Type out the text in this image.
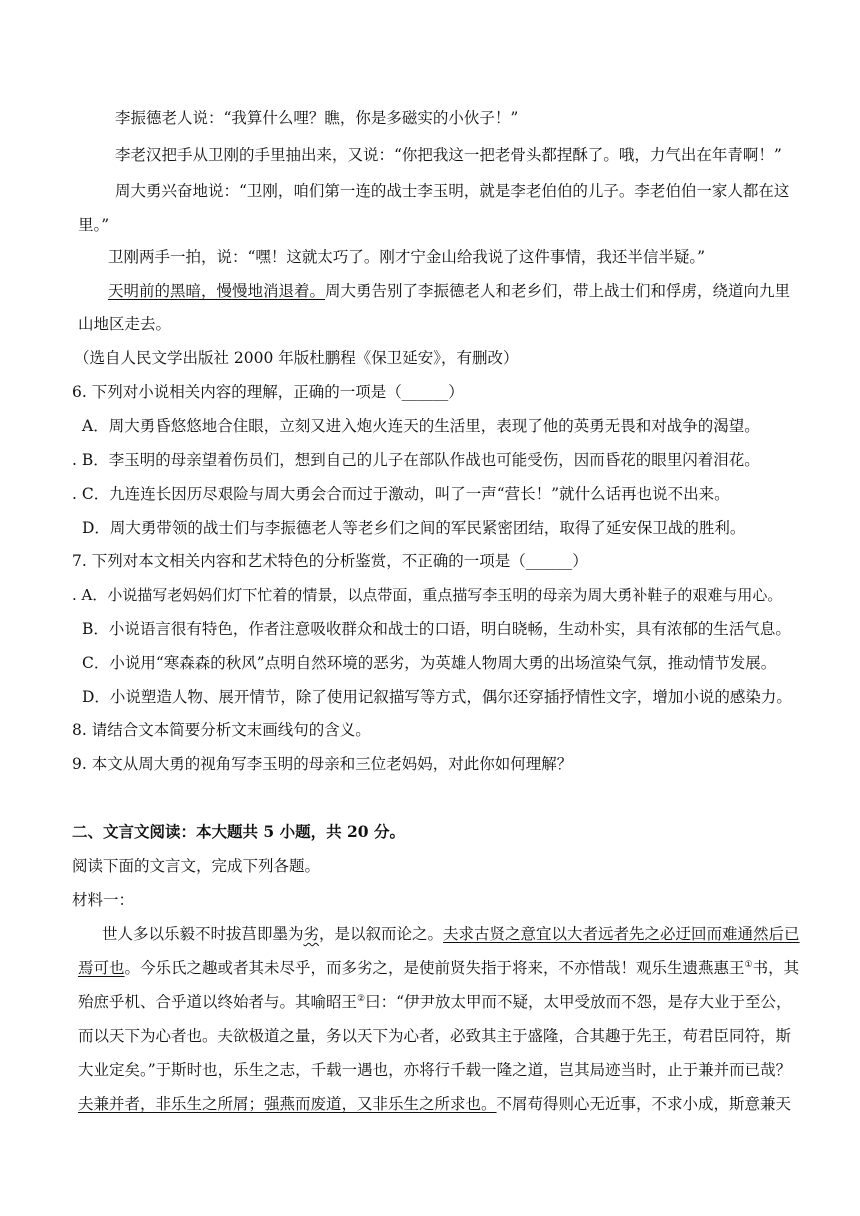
李振德老人说：“我算什么哩？瞧，你是多磁实的小伙子！”
李老汉把手从卫刚的手里抽出来，又说：“你把我这一把老骨头都捏酥了。哦，力气出在年青啊！”
周大勇兴奋地说：“卫刚，咱们第一连的战士李玉明，就是李老伯伯的儿子。李老伯伯一家人都在这
里。”
卫刚两手一拍，说：“嘿！这就太巧了。刚才宁金山给我说了这件事情，我还半信半疑。”
天明前的黑暗，慢慢地消退着。周大勇告别了李振德老人和老乡们，带上战士们和俘虏，绕道向九里
山地区走去。
（选自人民文学出版社 2000 年版杜鹏程《保卫延安》，有删改）
6. 下列对小说相关内容的理解，正确的一项是（______）
A．周大勇昏悠悠地合住眼，立刻又进入炮火连天的生活里，表现了他的英勇无畏和对战争的渴望。
. B．李玉明的母亲望着伤员们，想到自己的儿子在部队作战也可能受伤，因而昏花的眼里闪着泪花。
. C．九连连长因历尽艰险与周大勇会合而过于激动，叫了一声“营长！”就什么话再也说不出来。
D．周大勇带领的战士们与李振德老人等老乡们之间的军民紧密团结，取得了延安保卫战的胜利。
7. 下列对本文相关内容和艺术特色的分析鉴赏，不正确的一项是（______）
. A．小说描写老妈妈们灯下忙着的情景，以点带面，重点描写李玉明的母亲为周大勇补鞋子的艰难与用心。
B．小说语言很有特色，作者注意吸收群众和战士的口语，明白晓畅，生动朴实，具有浓郁的生活气息。
C．小说用“寒森森的秋风”点明自然环境的恶劣，为英雄人物周大勇的出场渲染气氛，推动情节发展。
D．小说塑造人物、展开情节，除了使用记叙描写等方式，偶尔还穿插抒情性文字，增加小说的感染力。
8. 请结合文本简要分析文末画线句的含义。
9. 本文从周大勇的视角写李玉明的母亲和三位老妈妈，对此你如何理解？
二、文言文阅读：本大题共 5 小题，共 20 分。
阅读下面的文言文，完成下列各题。
材料一：
世人多以乐毅不时拔莒即墨为劣，是以叙而论之。夫求古贤之意宜以大者远者先之必迂回而难通然后已
焉可也。今乐氏之趣或者其未尽乎，而多劣之，是使前贤失指于将来，不亦惜哉！观乐生遗燕惠王①书，其
殆庶乎机、合乎道以终始者与。其喻昭王②曰：“伊尹放太甲而不疑，太甲受放而不怨，是存大业于至公，
而以天下为心者也。夫欲极道之量，务以天下为心者，必致其主于盛隆，合其趣于先王，苟君臣同符，斯
大业定矣。”于斯时也，乐生之志，千载一遇也，亦将行千载一隆之道，岂其局迹当时，止于兼并而已哉？
夫兼并者，非乐生之所屑；强燕而废道，又非乐生之所求也。不屑苟得则心无近事，不求小成，斯意兼天
